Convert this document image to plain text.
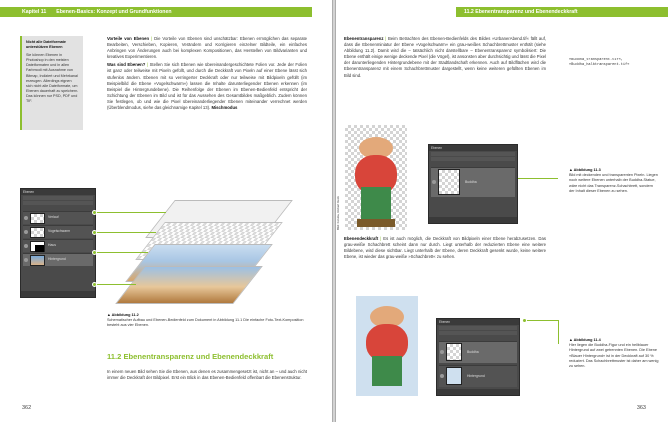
Kapitel 11 Ebenen-Basics: Konzept und Grundfunktionen
Nicht alle Dateiformate unterstützen Ebenen
Sie können Ebenen in Photoshop in den meisten Dateiformaten und in allen Farbmodi mit Ausnahme von Bitmap, Indiziert und Mehrkanal erzeugen. Allerdings eignen sich nicht alle Dateiformate, um Ebenen dauerhaft zu speichern. Das können nur PSD, PDF und TIF.

Vorteile von Ebenen | Die Vorteile von Ebenen sind unschätzbar: Ebenen ermöglichen das separate Bearbeiten, Verschieben, Kopieren, Verändern und Korrigieren einzelner Bildteile, ein einfaches Anbringen von Änderungen auch bei komplexen Kompositionen, das Herstellen von Bildvarianten und kreatives Experimentieren.

Was sind Ebenen? | Stellen Sie sich Ebenen wie übereinandergeschichtete Folien vor. Jede der Folien ist ganz oder teilweise mit Pixeln gefüllt, und durch die Deckkraft von Pixeln auf einer Ebene lässt sich stufenlos ändern. Ebenen mit so verringerter Deckkraft oder nur teilweise mit Bildpixeln gefüllt (im Beispielbild die Ebene »Vogelschwarm«) lassen die Inhalte darunterliegender Ebenen erkennen (im Beispiel die Hintergrundebene). Die Reihenfolge der Ebenen im Ebenen-Bedienfeld entspricht der Schichtung der Ebenen im Bild und ist für das Aussehen des Gesamtbildes maßgeblich. Zudem können Sie festlegen, ob und wie die Pixel übereinanderliegender Ebenen miteinander verrechnet werden (Überblendmodus, siehe das gleichnamige Kapitel 13). Mischmodus

Ebenen
Verlauf
Vogelschwarm
Haus
Hintergrund
▲ Abbildung 11.2
Schematischer Aufbau und Ebenen-Bedienfeld zum Dokument in Abbildung 11.1 Die einfache Foto-Text-Komposition besteht aus vier Ebenen.
11.2 Ebenentransparenz und Ebenendeckkraft
In einem neuen Bild sehen Sie die Ebenen, aus denen es zusammengesetzt ist, nicht an – und auch nicht immer die Deckkraft der Bildpixel. Erst ein Blick in das Ebenen-Bedienfeld offenbart die Ebenenstruktur.
362
11.2 Ebenentransparenz und Ebenendeckkraft

Ebenentransparenz | Beim Betrachten des Ebenen-Bedienfelds des Bildes »UrbanerAbend.tif« fällt auf, dass die Ebenenminiatur der Ebene »Vogelschwarm« ein grau-weißes Schachbrettmuster enthält (siehe Abbildung 11.2). Damit wird die – tatsächlich nicht darstellbare – Ebenentransparenz symbolisiert: Die Ebene enthält einige wenige deckende Pixel (die Vögel), ist ansonsten aber durchsichtig und lässt die Pixel der darunterliegenden Hintergrundebene mit der Stadtlandschaft erkennen. Auch auf Bildflächen wird die Ebenentransparenz mit einem Schachbrettmuster dargestellt, wenn keine weiteren gefüllten Ebenen im Bild sind.

»Buddha_transparent.tif«,
»Buddha_halbtransparent.tif«
Bild: Fotolia, Robert Keck
Ebenen
Buddha
▲ Abbildung 11.3
Bild mit deckenden und transparenten Pixeln. Liegen noch weitere Ebenen unterhalb der Buddha-Statue, wäre nicht das Transparenz-Schachbrett, sondern der Inhalt dieser Ebenen zu sehen.

Ebenendeckkraft | Es ist auch möglich, die Deckkraft von Bildpixeln einer Ebene herabzusetzen. Das grau-weiße Schachbrett scheint dann nur durch. Liegt unterhalb der reduzierten Ebene eine weitere Bildebene, wird diese sichtbar. Liegt unterhalb der Ebene, deren Deckkraft gesenkt wurde, keine weitere Ebene, ist wieder das grau-weiße »Schachbrett« zu sehen.

Ebenen
Buddha
Hintergrund
▲ Abbildung 11.4
Hier liegen die Buddha-Figur und ein hellblauer Hintergrund auf zwei getrennten Ebenen. Die Ebene »Blauer Hintergrund« ist in der Deckkraft auf 30 % reduziert. Das Schachbrettmuster ist daher am wenig zu sehen.
363
